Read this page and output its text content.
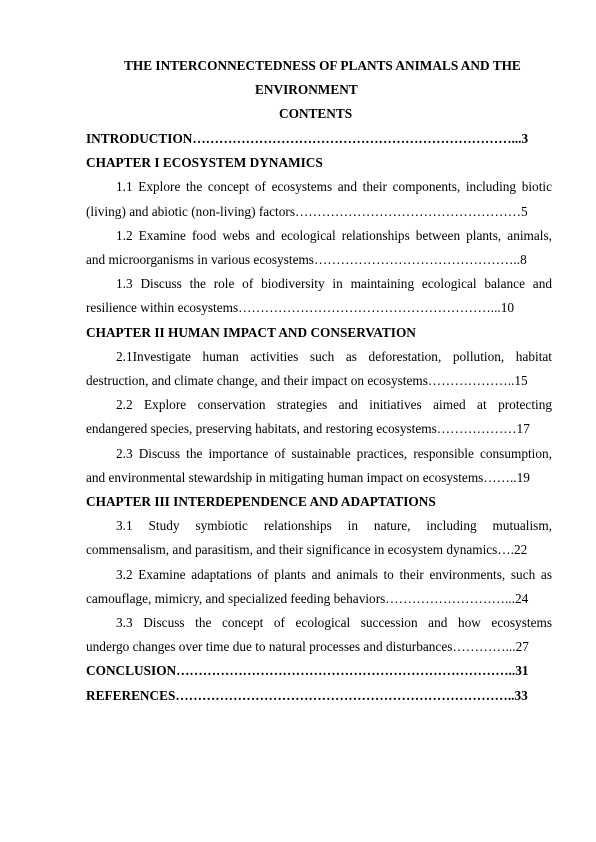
THE INTERCONNECTEDNESS OF PLANTS ANIMALS AND THE
ENVIRONMENT
CONTENTS
INTRODUCTION………………………………………………………………...3
CHAPTER I ECOSYSTEM DYNAMICS
1.1 Explore the concept of ecosystems and their components, including biotic
(living) and abiotic (non-living) factors……………………………………………5
1.2 Examine food webs and ecological relationships between plants, animals,
and microorganisms in various ecosystems………………………………………..8
1.3 Discuss the role of biodiversity in maintaining ecological balance and
resilience within ecosystems…………………………………………………...10
CHAPTER II HUMAN IMPACT AND CONSERVATION
2.1Investigate human activities such as deforestation, pollution, habitat
destruction, and climate change, and their impact on ecosystems………………..15
2.2 Explore conservation strategies and initiatives aimed at protecting
endangered species, preserving habitats, and restoring ecosystems………………17
2.3 Discuss the importance of sustainable practices, responsible consumption,
and environmental stewardship in mitigating human impact on ecosystems……..19
CHAPTER III INTERDEPENDENCE AND ADAPTATIONS
3.1 Study symbiotic relationships in nature, including mutualism,
commensalism, and parasitism, and their significance in ecosystem dynamics….22
3.2 Examine adaptations of plants and animals to their environments, such as
camouflage, mimicry, and specialized feeding behaviors………………………...24
3.3 Discuss the concept of ecological succession and how ecosystems
undergo changes over time due to natural processes and disturbances…………...27
CONCLUSION…………………………………………………………………..31
REFERENCES…………………………………………………………………..33
